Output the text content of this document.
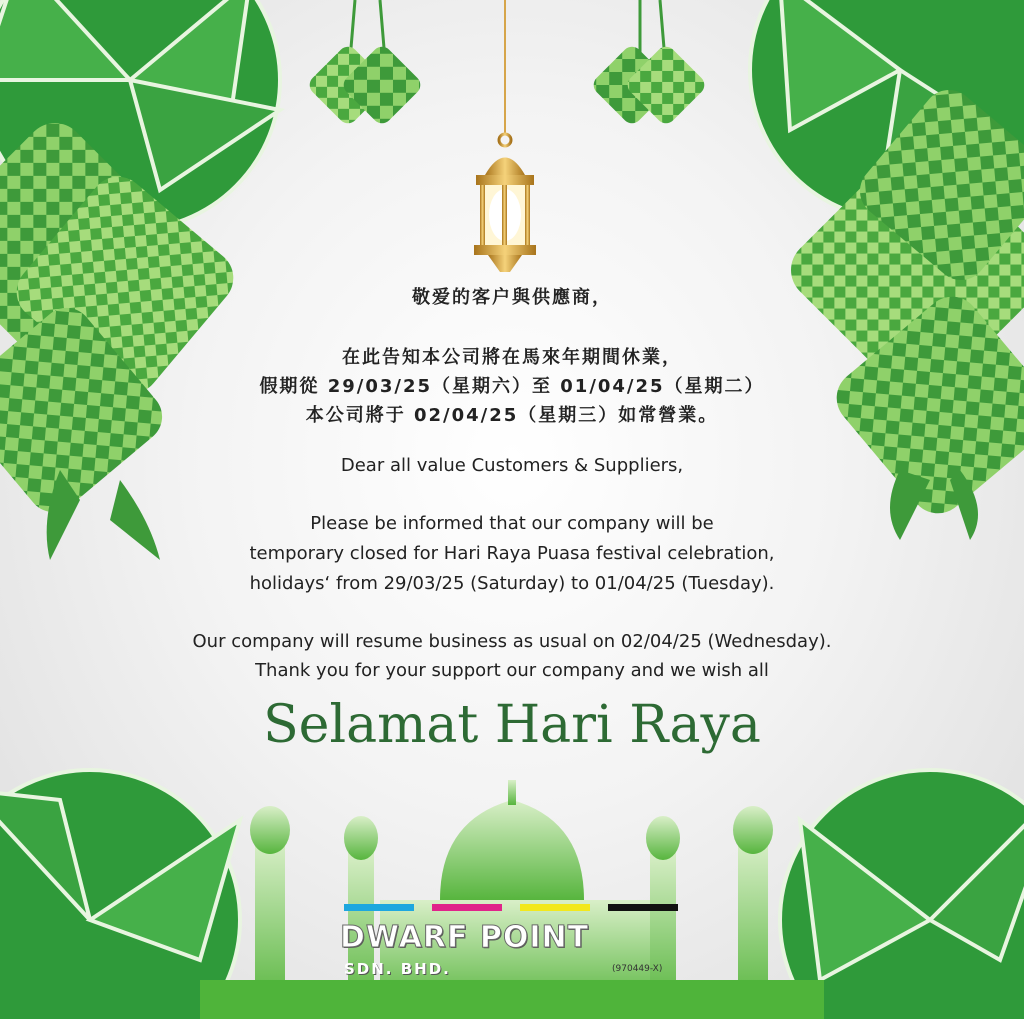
敬爱的客户與供應商，
在此告知本公司將在馬來年期間休業，
假期從 29/03/25（星期六）至 01/04/25（星期二）
本公司將于 02/04/25（星期三）如常營業。
Dear all value Customers & Suppliers,
Please be informed that our company will be
temporary closed for Hari Raya Puasa festival celebration,
holidays‘ from 29/03/25 (Saturday) to 01/04/25 (Tuesday).
Our company will resume business as usual on 02/04/25 (Wednesday).
Thank you for your support our company and we wish all
Selamat Hari Raya
DWARF POINT
SDN. BHD.	(970449-X)
